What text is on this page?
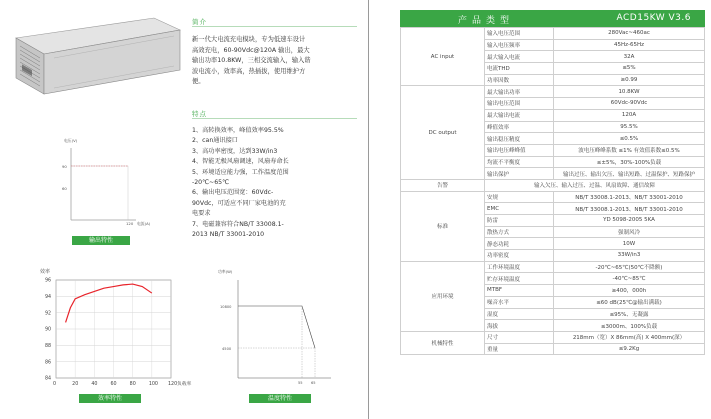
简介
新一代大电流充电模块，专为低速车设计
高效充电，60-90Vdc@120A 输出，最大
输出功率10.8KW，三相交流输入，输入谐
波电流小，效率高，热插拔，使用维护方
便。
特点
1、高转换效率，峰值效率95.5%
2、can通讯接口
3、高功率密度，达到33W/in3
4、智能无极风扇调速，风扇寿命长
5、环境适应能力强，工作温度范围
-20℃~65℃
6、输出电压范围宽：60Vdc-
90Vdc，可适应不同厂家电池的充
电要求
7、电磁兼容符合NB/T 33008.1-
2013 NB/T 33001-2010
电压(V)
90
60
120 电流(A)
输出特性
效率
96
94
92
90
88
86
84
0	20	40	60	80	100 120 负载率
效率特性
功率(W)
10800
4500
55 65
温度特性
产品类型	ACD15KW V3.6
AC input	输入电压范围	280Vac~460ac
	输入电压频率	45Hz-65Hz
	最大输入电流	32A
	电流THD	≤5%
	功率因数	≥0.99
DC output	最大输出功率	10.8KW
	输出电压范围	60Vdc-90Vdc
	最大输出电流	120A
	峰值效率	95.5%
	输出稳压精度	≤0.5%
	输出电压峰峰值	波电压峰峰系数 ≤1% 有效值系数≤0.5%
	均流不平衡度	≤±5%，30%-100%负载
	输出保护	输出过压、输出欠压、输出短路、过温保护、短路保护
告警	输入欠压、输入过压、过温、风扇故障、通信故障	
标准	安规	NB/T 33008.1-2013、NB/T 33001-2010
	EMC	NB/T 33008.1-2013、NB/T 33001-2010
	防雷	YD 5098-2005 5KA
	散热方式	强制风冷
	静态功耗	10W
	功率密度	33W/in3
应用环境	工作环境温度	-20℃~65℃(50℃不降额)
	贮存环境温度	-40℃~85℃
	MTBF	≥400，000h
	噪音水平	≤60 dB(25℃@输出满载)
	湿度	≤95%、无凝露
	海拔	≤3000m、100%负载
机械特性	尺寸	218mm（宽）X 86mm(高) X 400mm(深）
	重量	≤9.2Kg
